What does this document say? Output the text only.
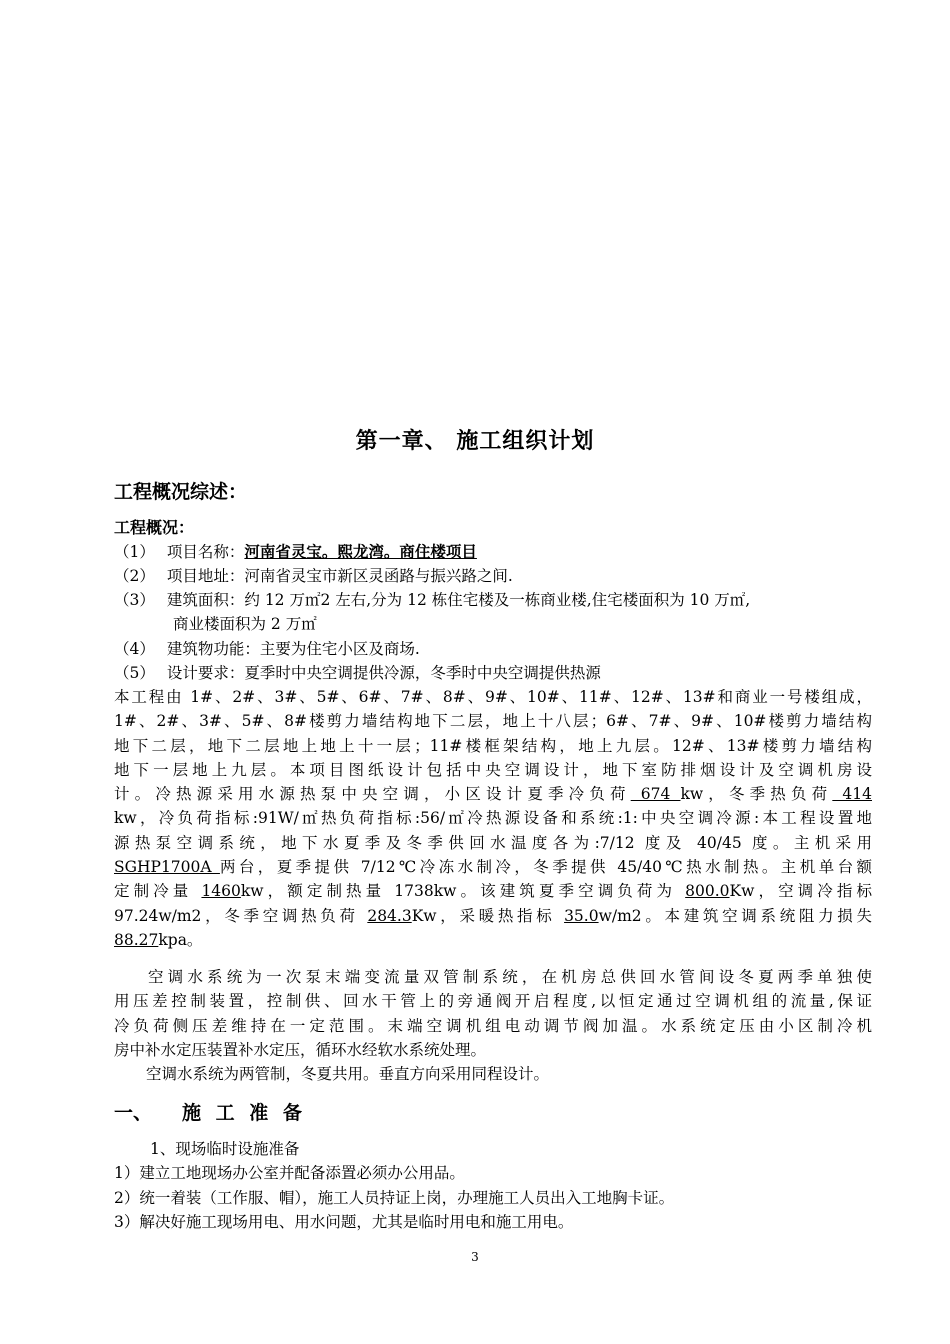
第一章、 施工组织计划
工程概况综述：
工程概况：
（1） 项目名称：河南省灵宝。熙龙湾。商住楼项目
（2） 项目地址：河南省灵宝市新区灵函路与振兴路之间.
（3） 建筑面积：约 12 万㎡2 左右,分为 12 栋住宅楼及一栋商业楼,住宅楼面积为 10 万㎡,
商业楼面积为 2 万㎡
（4） 建筑物功能：主要为住宅小区及商场.
（5） 设计要求：夏季时中央空调提供冷源，冬季时中央空调提供热源
本工程由 1#、2#、3#、5#、6#、7#、8#、9#、10#、11#、12#、13#和商业一号楼组成，
1#、2#、3#、5#、8#楼剪力墙结构地下二层，地上十八层；6#、7#、9#、10#楼剪力墙结构
地下二层，地下二层地上地上十一层；11#楼框架结构，地上九层。12#、13#楼剪力墙结构
地下一层地上九层。本项目图纸设计包括中央空调设计，地下室防排烟设计及空调机房设
计。冷热源采用水源热泵中央空调，小区设计夏季冷负荷 674 kw，冬季热负荷 414
kw，冷负荷指标:91W/㎡热负荷指标:56/㎡冷热源设备和系统:1:中央空调冷源:本工程设置地
源热泵空调系统，地下水夏季及冬季供回水温度各为:7/12 度及 40/45 度。主机采用
SGHP1700A 两台，夏季提供 7/12℃冷冻水制冷，冬季提供 45/40℃热水制热。主机单台额
定制冷量 1460kw，额定制热量 1738kw。该建筑夏季空调负荷为 800.0Kw，空调冷指标
97.24w/m2，冬季空调热负荷 284.3Kw，采暖热指标 35.0w/m2。本建筑空调系统阻力损失
88.27kpa。
空调水系统为一次泵末端变流量双管制系统，在机房总供回水管间设冬夏两季单独使
用压差控制装置，控制供、回水干管上的旁通阀开启程度,以恒定通过空调机组的流量,保证
冷负荷侧压差维持在一定范围。末端空调机组电动调节阀加温。水系统定压由小区制冷机
房中补水定压装置补水定压，循环水经软水系统处理。
空调水系统为两管制，冬夏共用。垂直方向采用同程设计。
一、 施 工 准 备
1、现场临时设施准备
1）建立工地现场办公室并配备添置必须办公用品。
2）统一着装（工作服、帽），施工人员持证上岗，办理施工人员出入工地胸卡证。
3）解决好施工现场用电、用水问题，尤其是临时用电和施工用电。
3
